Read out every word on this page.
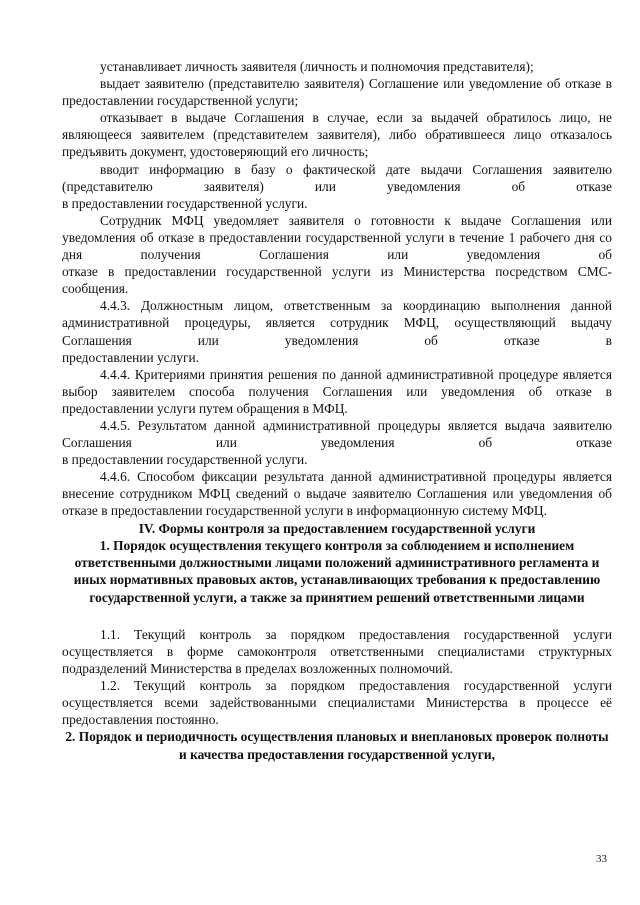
устанавливает личность заявителя (личность и полномочия представителя);

выдает заявителю (представителю заявителя) Соглашение или уведомление об отказе в предоставлении государственной услуги;

отказывает в выдаче Соглашения в случае, если за выдачей обратилось лицо, не являющееся заявителем (представителем заявителя), либо обратившееся лицо отказалось предъявить документ, удостоверяющий его личность;

вводит информацию в базу о фактической дате выдачи Соглашения заявителю (представителю заявителя) или уведомления об отказе

в предоставлении государственной услуги.

Сотрудник МФЦ уведомляет заявителя о готовности к выдаче Соглашения или уведомления об отказе в предоставлении государственной услуги в течение 1 рабочего дня со дня получения Соглашения или уведомления об

отказе в предоставлении государственной услуги из Министерства посредством СМС-сообщения.

4.4.3. Должностным лицом, ответственным за координацию выполнения данной административной процедуры, является сотрудник МФЦ, осуществляющий выдачу Соглашения или уведомления об отказе в

предоставлении услуги.

4.4.4. Критериями принятия решения по данной административной процедуре является выбор заявителем способа получения Соглашения или уведомления об отказе в предоставлении услуги путем обращения в МФЦ.

4.4.5. Результатом данной административной процедуры является выдача заявителю Соглашения или уведомления об отказе

в предоставлении государственной услуги.

4.4.6. Способом фиксации результата данной административной процедуры является внесение сотрудником МФЦ сведений о выдаче заявителю Соглашения или уведомления об отказе в предоставлении государственной услуги в информационную систему МФЦ.

IV. Формы контроля за предоставлением государственной услуги

1. Порядок осуществления текущего контроля за соблюдением и исполнением ответственными должностными лицами положений административного регламента и иных нормативных правовых актов, устанавливающих требования к предоставлению государственной услуги, а также за принятием решений ответственными лицами

1.1. Текущий контроль за порядком предоставления государственной услуги осуществляется в форме самоконтроля ответственными специалистами структурных подразделений Министерства в пределах возложенных полномочий.

1.2. Текущий контроль за порядком предоставления государственной услуги осуществляется всеми задействованными специалистами Министерства в процессе её предоставления постоянно.

2. Порядок и периодичность осуществления плановых и внеплановых проверок полноты и качества предоставления государственной услуги,

33
